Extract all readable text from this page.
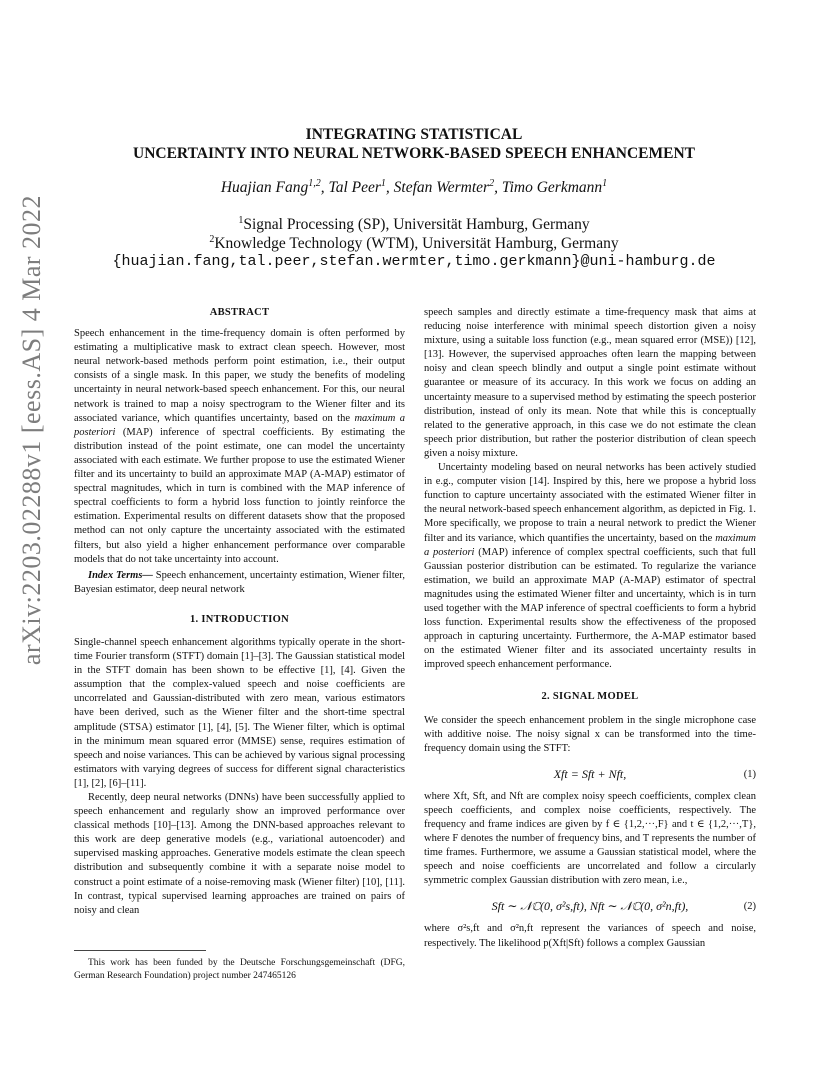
arXiv:2203.02288v1 [eess.AS] 4 Mar 2022
INTEGRATING STATISTICAL
UNCERTAINTY INTO NEURAL NETWORK-BASED SPEECH ENHANCEMENT
Huajian Fang$^{1,2}$, Tal Peer$^1$, Stefan Wermter$^2$, Timo Gerkmann$^1$
$^1$Signal Processing (SP), Universität Hamburg, Germany
$^2$Knowledge Technology (WTM), Universität Hamburg, Germany
{huajian.fang,tal.peer,stefan.wermter,timo.gerkmann}@uni-hamburg.de
ABSTRACT

Speech enhancement in the time-frequency domain is often performed by estimating a multiplicative mask to extract clean speech. However, most neural network-based methods perform point estimation, i.e., their output consists of a single mask. In this paper, we study the benefits of modeling uncertainty in neural network-based speech enhancement. For this, our neural network is trained to map a noisy spectrogram to the Wiener filter and its associated variance, which quantifies uncertainty, based on the maximum a posteriori (MAP) inference of spectral coefficients. By estimating the distribution instead of the point estimate, one can model the uncertainty associated with each estimate. We further propose to use the estimated Wiener filter and its uncertainty to build an approximate MAP (A-MAP) estimator of spectral magnitudes, which in turn is combined with the MAP inference of spectral coefficients to form a hybrid loss function to jointly reinforce the estimation. Experimental results on different datasets show that the proposed method can not only capture the uncertainty associated with the estimated filters, but also yield a higher enhancement performance over comparable models that do not take uncertainty into account.

Index Terms— Speech enhancement, uncertainty estimation, Wiener filter, Bayesian estimator, deep neural network

1. INTRODUCTION

Single-channel speech enhancement algorithms typically operate in the short-time Fourier transform (STFT) domain [1]–[3]. The Gaussian statistical model in the STFT domain has been shown to be effective [1], [4]. Given the assumption that the complex-valued speech and noise coefficients are uncorrelated and Gaussian-distributed with zero mean, various estimators have been derived, such as the Wiener filter and the short-time spectral amplitude (STSA) estimator [1], [4], [5]. The Wiener filter, which is optimal in the minimum mean squared error (MMSE) sense, requires estimation of speech and noise variances. This can be achieved by various signal processing estimators with varying degrees of success for different signal characteristics [1], [2], [6]–[11].

Recently, deep neural networks (DNNs) have been successfully applied to speech enhancement and regularly show an improved performance over classical methods [10]–[13]. Among the DNN-based approaches relevant to this work are deep generative models (e.g., variational autoencoder) and supervised masking approaches. Generative models estimate the clean speech distribution and subsequently combine it with a separate noise model to construct a point estimate of a noise-removing mask (Wiener filter) [10], [11]. In contrast, typical supervised learning approaches are trained on pairs of noisy and clean

This work has been funded by the Deutsche Forschungsgemeinschaft (DFG, German Research Foundation) project number 247465126

speech samples and directly estimate a time-frequency mask that aims at reducing noise interference with minimal speech distortion given a noisy mixture, using a suitable loss function (e.g., mean squared error (MSE)) [12], [13]. However, the supervised approaches often learn the mapping between noisy and clean speech blindly and output a single point estimate without guarantee or measure of its accuracy. In this work we focus on adding an uncertainty measure to a supervised method by estimating the speech posterior distribution, instead of only its mean. Note that while this is conceptually related to the generative approach, in this case we do not estimate the clean speech prior distribution, but rather the posterior distribution of clean speech given a noisy mixture.

Uncertainty modeling based on neural networks has been actively studied in e.g., computer vision [14]. Inspired by this, here we propose a hybrid loss function to capture uncertainty associated with the estimated Wiener filter in the neural network-based speech enhancement algorithm, as depicted in Fig. 1. More specifically, we propose to train a neural network to predict the Wiener filter and its variance, which quantifies the uncertainty, based on the maximum a posteriori (MAP) inference of complex spectral coefficients, such that full Gaussian posterior distribution can be estimated. To regularize the variance estimation, we build an approximate MAP (A-MAP) estimator of spectral magnitudes using the estimated Wiener filter and uncertainty, which is in turn used together with the MAP inference of spectral coefficients to form a hybrid loss function. Experimental results show the effectiveness of the proposed approach in capturing uncertainty. Furthermore, the A-MAP estimator based on the estimated Wiener filter and its associated uncertainty results in improved speech enhancement performance.

2. SIGNAL MODEL

We consider the speech enhancement problem in the single microphone case with additive noise. The noisy signal x can be transformed into the time-frequency domain using the STFT:

Xft = Sft + Nft,	(1)

where Xft, Sft, and Nft are complex noisy speech coefficients, complex clean speech coefficients, and complex noise coefficients, respectively. The frequency and frame indices are given by f ∈ {1,2,···,F} and t ∈ {1,2,···,T}, where F denotes the number of frequency bins, and T represents the number of time frames. Furthermore, we assume a Gaussian statistical model, where the speech and noise coefficients are uncorrelated and follow a circularly symmetric complex Gaussian distribution with zero mean, i.e.,

Sft ∼ 𝒩ℂ(0, σ²s,ft), Nft ∼ 𝒩ℂ(0, σ²n,ft),	(2)

where σ²s,ft and σ²n,ft represent the variances of speech and noise, respectively. The likelihood p(Xft|Sft) follows a complex Gaussian
